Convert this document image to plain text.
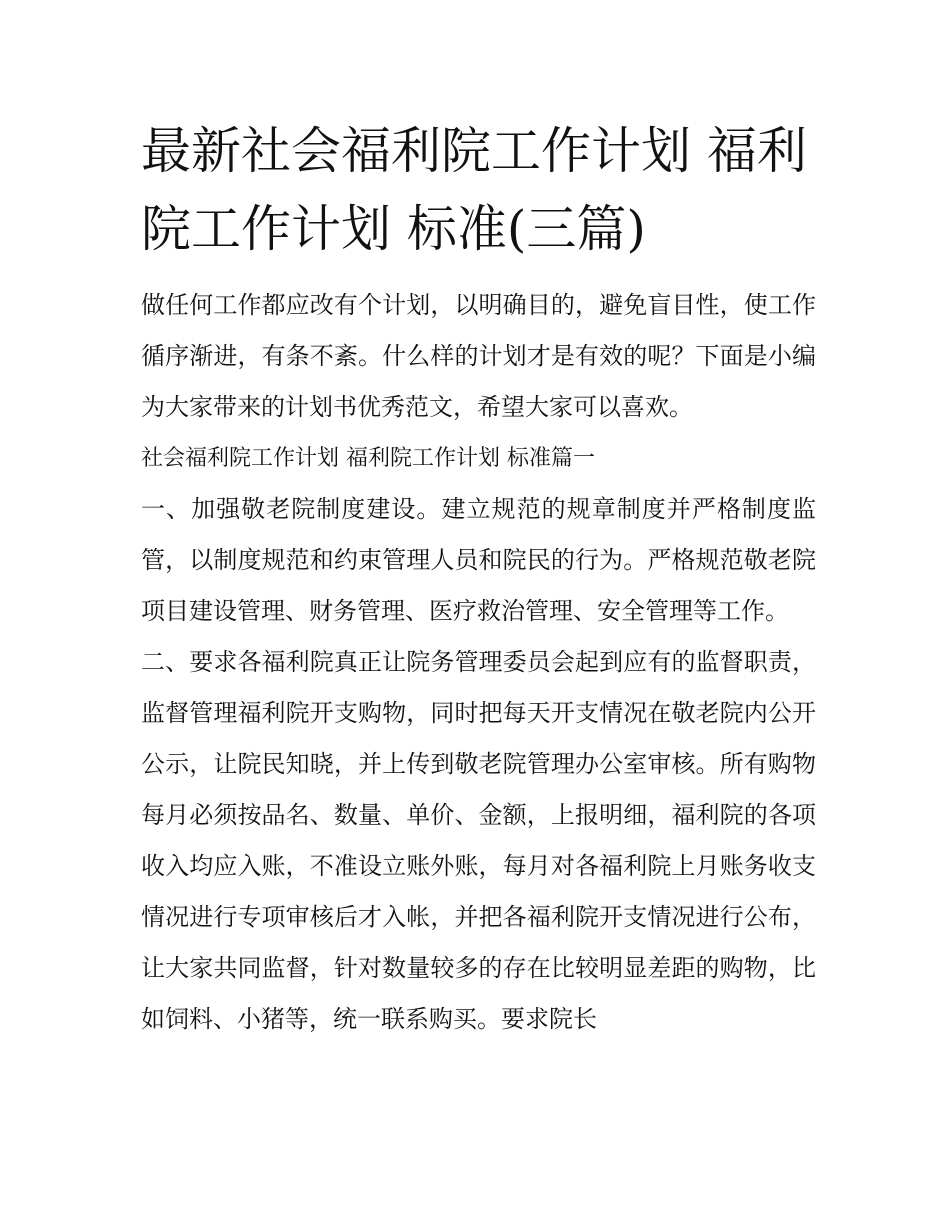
最新社会福利院工作计划 福利院工作计划 标准(三篇)

做任何工作都应改有个计划，以明确目的，避免盲目性，使工作循序渐进，有条不紊。什么样的计划才是有效的呢？下面是小编为大家带来的计划书优秀范文，希望大家可以喜欢。

社会福利院工作计划 福利院工作计划 标准篇一

一、加强敬老院制度建设。建立规范的规章制度并严格制度监管，以制度规范和约束管理人员和院民的行为。严格规范敬老院项目建设管理、财务管理、医疗救治管理、安全管理等工作。

二、要求各福利院真正让院务管理委员会起到应有的监督职责，监督管理福利院开支购物，同时把每天开支情况在敬老院内公开公示，让院民知晓，并上传到敬老院管理办公室审核。所有购物每月必须按品名、数量、单价、金额，上报明细，福利院的各项收入均应入账，不准设立账外账，每月对各福利院上月账务收支情况进行专项审核后才入帐，并把各福利院开支情况进行公布，让大家共同监督，针对数量较多的存在比较明显差距的购物，比如饲料、小猪等，统一联系购买。要求院长
